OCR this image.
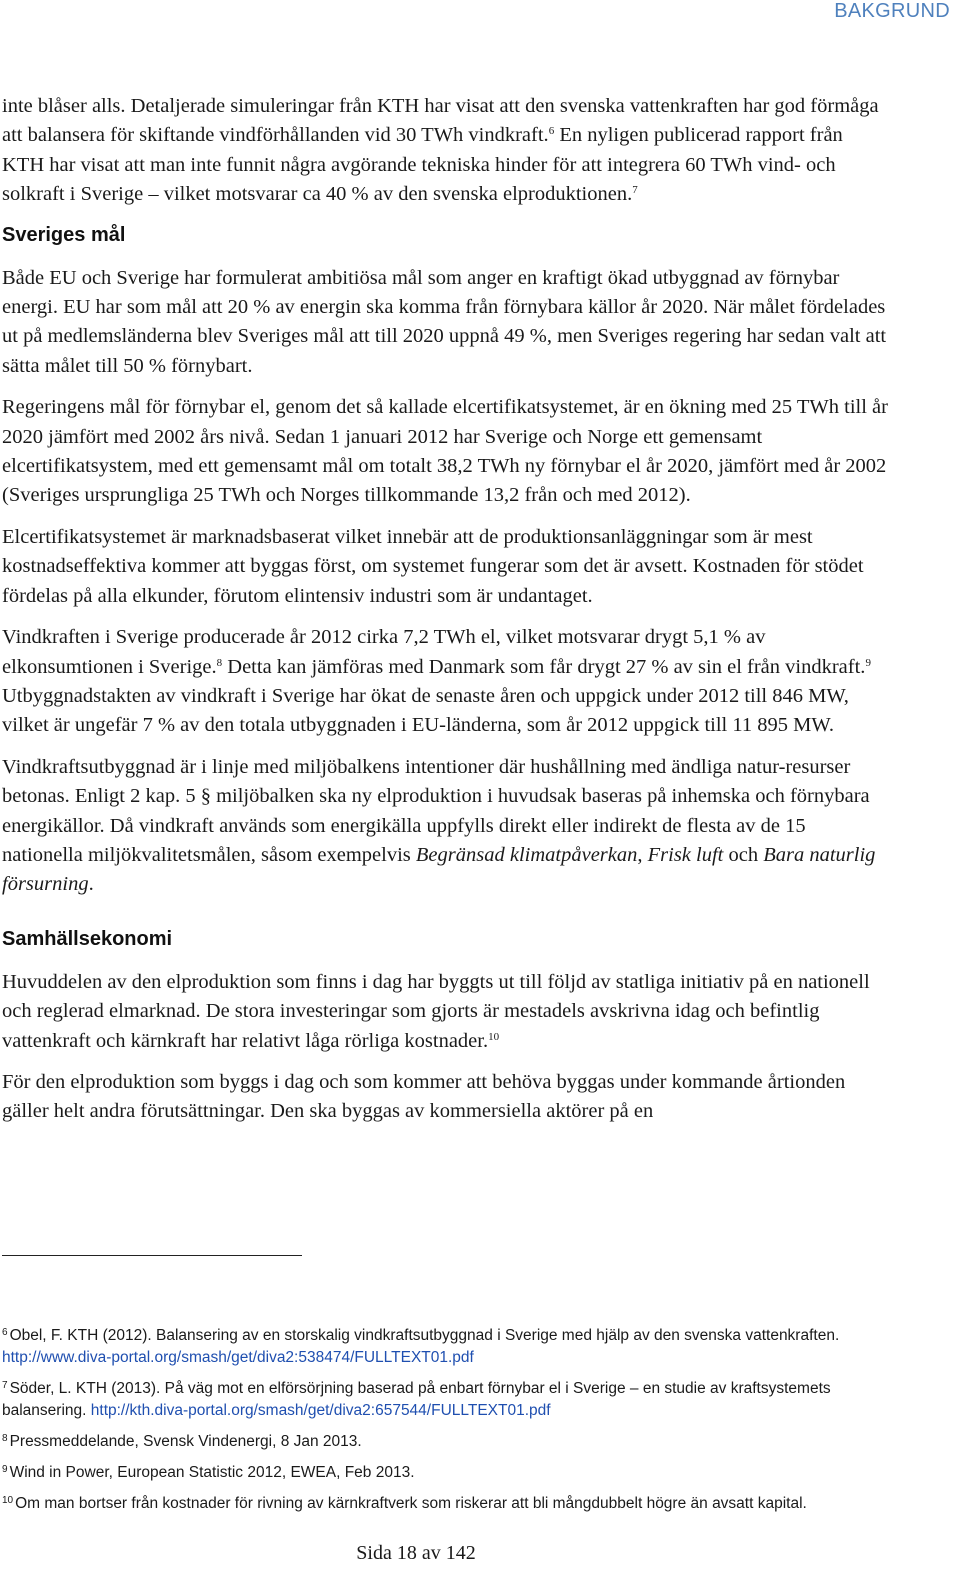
BAKGRUND

inte blåser alls. Detaljerade simuleringar från KTH har visat att den svenska vattenkraften har god förmåga att balansera för skiftande vindförhållanden vid 30 TWh vindkraft.$^6$ En nyligen publicerad rapport från KTH har visat att man inte funnit några avgörande tekniska hinder för att integrera 60 TWh vind- och solkraft i Sverige – vilket motsvarar ca 40 % av den svenska elproduktionen.$^7$

Sveriges mål

Både EU och Sverige har formulerat ambitiösa mål som anger en kraftigt ökad utbyggnad av förnybar energi. EU har som mål att 20 % av energin ska komma från förnybara källor år 2020. När målet fördelades ut på medlemsländerna blev Sveriges mål att till 2020 uppnå 49 %, men Sveriges regering har sedan valt att sätta målet till 50 % förnybart.

Regeringens mål för förnybar el, genom det så kallade elcertifikatsystemet, är en ökning med 25 TWh till år 2020 jämfört med 2002 års nivå. Sedan 1 januari 2012 har Sverige och Norge ett gemensamt elcertifikatsystem, med ett gemensamt mål om totalt 38,2 TWh ny förnybar el år 2020, jämfört med år 2002 (Sveriges ursprungliga 25 TWh och Norges tillkommande 13,2 från och med 2012).

Elcertifikatsystemet är marknadsbaserat vilket innebär att de produktionsanläggningar som är mest kostnadseffektiva kommer att byggas först, om systemet fungerar som det är avsett. Kostnaden för stödet fördelas på alla elkunder, förutom elintensiv industri som är undantaget.

Vindkraften i Sverige producerade år 2012 cirka 7,2 TWh el, vilket motsvarar drygt 5,1 % av elkonsumtionen i Sverige.$^8$ Detta kan jämföras med Danmark som får drygt 27 % av sin el från vindkraft.$^9$ Utbyggnadstakten av vindkraft i Sverige har ökat de senaste åren och uppgick under 2012 till 846 MW, vilket är ungefär 7 % av den totala utbyggnaden i EU-länderna, som år 2012 uppgick till 11 895 MW.

Vindkraftsutbyggnad är i linje med miljöbalkens intentioner där hushållning med ändliga natur-resurser betonas. Enligt 2 kap. 5 § miljöbalken ska ny elproduktion i huvudsak baseras på inhemska och förnybara energikällor. Då vindkraft används som energikälla uppfylls direkt eller indirekt de flesta av de 15 nationella miljökvalitetsmålen, såsom exempelvis Begränsad klimatpåverkan, Frisk luft och Bara naturlig försurning.

Samhällsekonomi

Huvuddelen av den elproduktion som finns i dag har byggts ut till följd av statliga initiativ på en nationell och reglerad elmarknad. De stora investeringar som gjorts är mestadels avskrivna idag och befintlig vattenkraft och kärnkraft har relativt låga rörliga kostnader.$^{10}$

För den elproduktion som byggs i dag och som kommer att behöva byggas under kommande årtionden gäller helt andra förutsättningar. Den ska byggas av kommersiella aktörer på en

$^6$ Obel, F. KTH (2012). Balansering av en storskalig vindkraftsutbyggnad i Sverige med hjälp av den svenska vattenkraften. http://www.diva-portal.org/smash/get/diva2:538474/FULLTEXT01.pdf
$^7$ Söder, L. KTH (2013). På väg mot en elförsörjning baserad på enbart förnybar el i Sverige – en studie av kraftsystemets balansering. http://kth.diva-portal.org/smash/get/diva2:657544/FULLTEXT01.pdf
$^8$ Pressmeddelande, Svensk Vindenergi, 8 Jan 2013.
$^9$ Wind in Power, European Statistic 2012, EWEA, Feb 2013.
$^{10}$ Om man bortser från kostnader för rivning av kärnkraftverk som riskerar att bli mångdubbelt högre än avsatt kapital.
Sida 18 av 142
